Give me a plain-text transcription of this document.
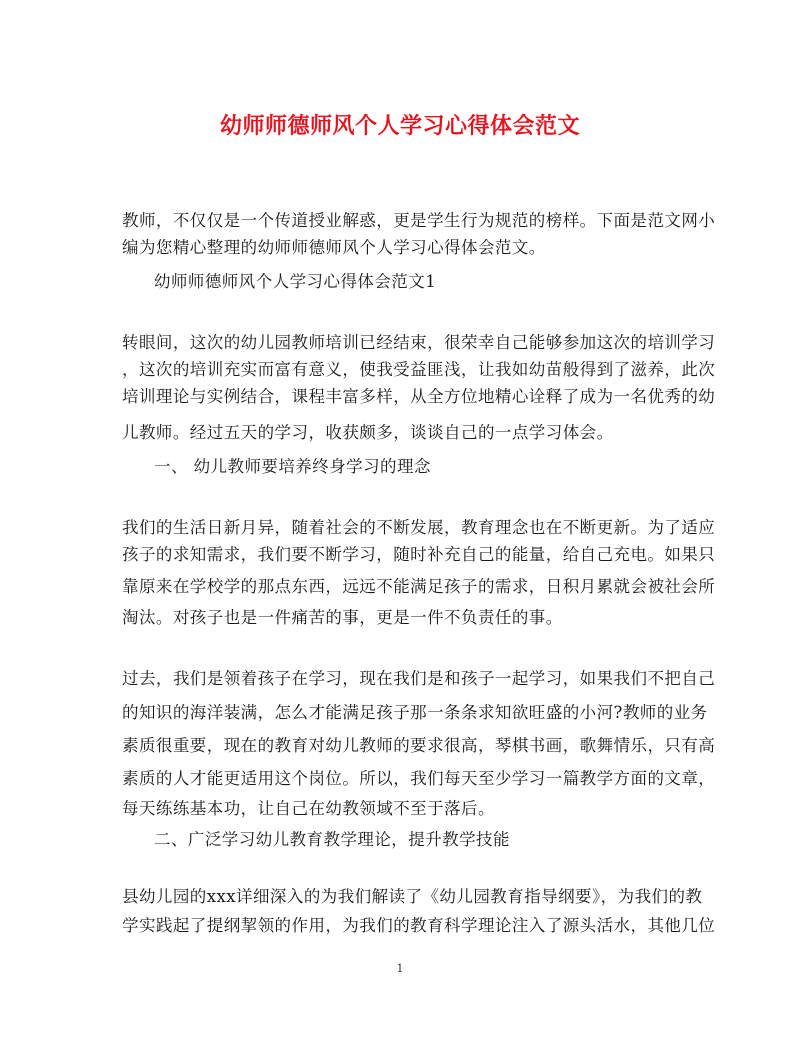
幼师师德师风个人学习心得体会范文
教师，不仅仅是一个传道授业解惑，更是学生行为规范的榜样。下面是范文网小
编为您精心整理的幼师师德师风个人学习心得体会范文。
幼师师德师风个人学习心得体会范文1
转眼间，这次的幼儿园教师培训已经结束，很荣幸自己能够参加这次的培训学习
，这次的培训充实而富有意义，使我受益匪浅，让我如幼苗般得到了滋养，此次
培训理论与实例结合，课程丰富多样，从全方位地精心诠释了成为一名优秀的幼
儿教师。经过五天的学习，收获颇多，谈谈自己的一点学习体会。
一、 幼儿教师要培养终身学习的理念
我们的生活日新月异，随着社会的不断发展，教育理念也在不断更新。为了适应
孩子的求知需求，我们要不断学习，随时补充自己的能量，给自己充电。如果只
靠原来在学校学的那点东西，远远不能满足孩子的需求，日积月累就会被社会所
淘汰。对孩子也是一件痛苦的事，更是一件不负责任的事。
过去，我们是领着孩子在学习，现在我们是和孩子一起学习，如果我们不把自己
的知识的海洋装满，怎么才能满足孩子那一条条求知欲旺盛的小河?教师的业务
素质很重要，现在的教育对幼儿教师的要求很高，琴棋书画，歌舞情乐，只有高
素质的人才能更适用这个岗位。所以，我们每天至少学习一篇教学方面的文章，
每天练练基本功，让自己在幼教领域不至于落后。
二、广泛学习幼儿教育教学理论，提升教学技能
县幼儿园的xxx详细深入的为我们解读了《幼儿园教育指导纲要》，为我们的教
学实践起了提纲挈领的作用，为我们的教育科学理论注入了源头活水，其他几位
1
